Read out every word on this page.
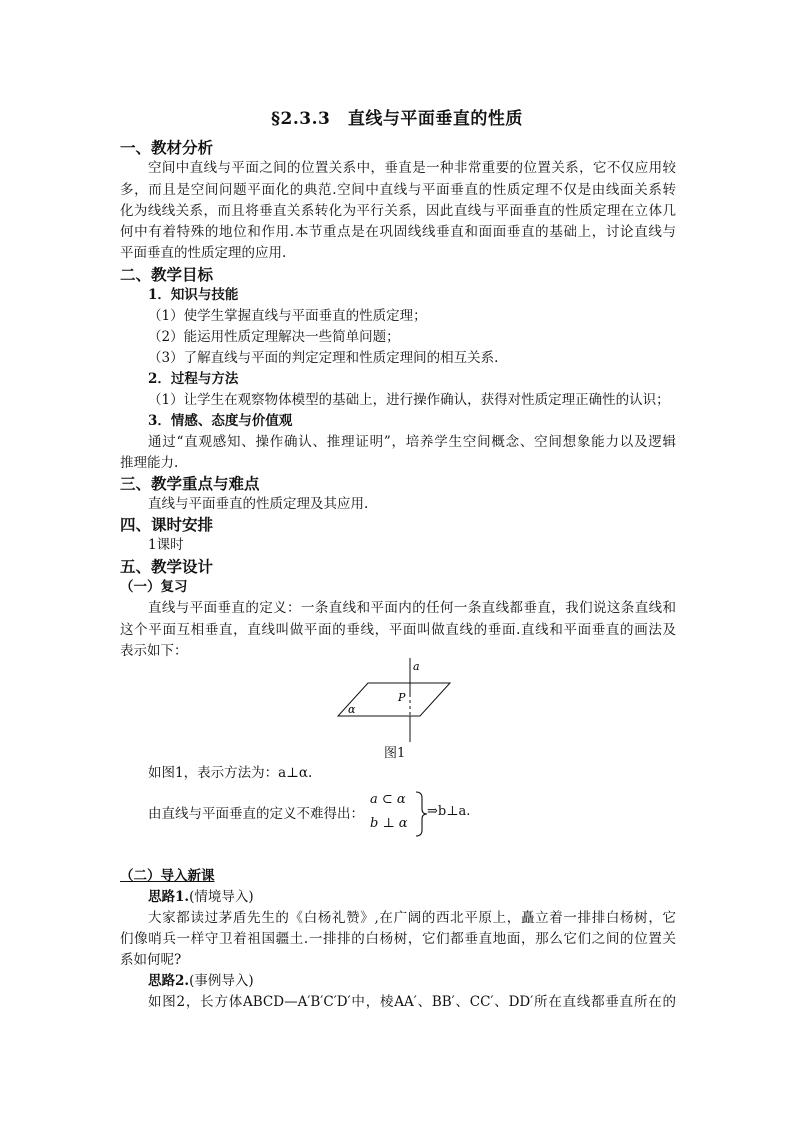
§2.3.3　直线与平面垂直的性质
一、教材分析
空间中直线与平面之间的位置关系中，垂直是一种非常重要的位置关系，它不仅应用较
多，而且是空间问题平面化的典范.空间中直线与平面垂直的性质定理不仅是由线面关系转
化为线线关系，而且将垂直关系转化为平行关系，因此直线与平面垂直的性质定理在立体几
何中有着特殊的地位和作用.本节重点是在巩固线线垂直和面面垂直的基础上，讨论直线与
平面垂直的性质定理的应用.
二、教学目标
1．知识与技能
（1）使学生掌握直线与平面垂直的性质定理；
（2）能运用性质定理解决一些简单问题；
（3）了解直线与平面的判定定理和性质定理间的相互关系.
2．过程与方法
（1）让学生在观察物体模型的基础上，进行操作确认，获得对性质定理正确性的认识；
3．情感、态度与价值观
通过“直观感知、操作确认、推理证明”，培养学生空间概念、空间想象能力以及逻辑
推理能力.
三、教学重点与难点
直线与平面垂直的性质定理及其应用.
四、课时安排
1课时
五、教学设计
（一）复习
直线与平面垂直的定义：一条直线和平面内的任何一条直线都垂直，我们说这条直线和
这个平面互相垂直，直线叫做平面的垂线，平面叫做直线的垂面.直线和平面垂直的画法及
表示如下：
a
P
α
图1
如图1，表示方法为：a⊥α.
由直线与平面垂直的定义不难得出：
a ⊂ α
b ⊥ α
⇒b⊥a.
（二）导入新课
思路1.(情境导入)
大家都读过茅盾先生的《白杨礼赞》,在广阔的西北平原上，矗立着一排排白杨树，它
们像哨兵一样守卫着祖国疆土.一排排的白杨树，它们都垂直地面，那么它们之间的位置关
系如何呢?
思路2.(事例导入)
如图2，长方体ABCD—A′B′C′D′中，棱AA′、BB′、CC′、DD′所在直线都垂直所在的
